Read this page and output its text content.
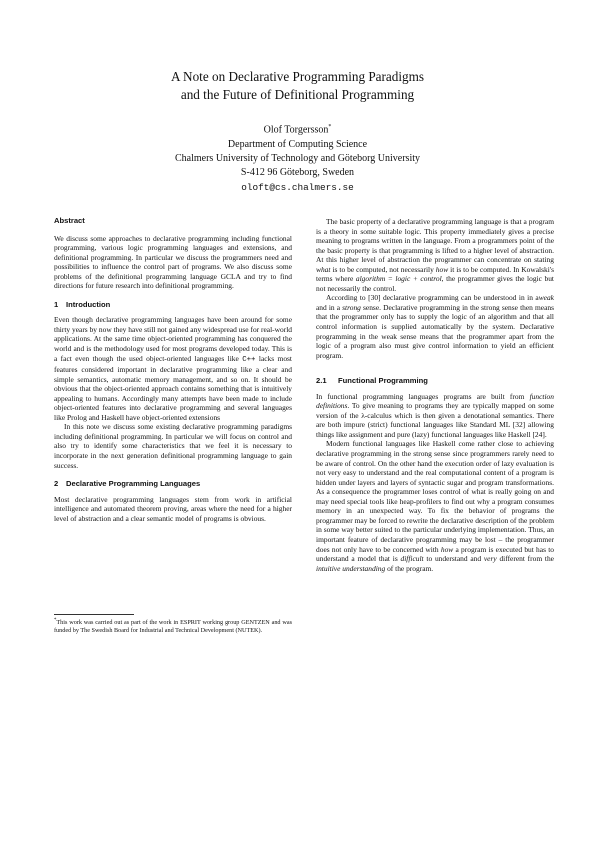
A Note on Declarative Programming Paradigms
and the Future of Definitional Programming
Olof Torgersson*
Department of Computing Science
Chalmers University of Technology and Göteborg University
S-412 96 Göteborg, Sweden
oloft@cs.chalmers.se
Abstract

We discuss some approaches to declarative programming including functional programming, various logic programming languages and extensions, and definitional programming. In particular we discuss the programmers need and possibilities to influence the control part of programs. We also discuss some problems of the definitional programming language GCLA and try to find directions for future research into definitional programming.

1 Introduction

Even though declarative programming languages have been around for some thirty years by now they have still not gained any widespread use for real-world applications. At the same time object-oriented programming has conquered the world and is the methodology used for most programs developed today. This is a fact even though the used object-oriented languages like C++ lacks most features considered important in declarative programming like a clear and simple semantics, automatic memory management, and so on. It should be obvious that the object-oriented approach contains something that is intuitively appealing to humans. Accordingly many attempts have been made to include object-oriented features into declarative programming and several languages like Prolog and Haskell have object-oriented extensions

In this note we discuss some existing declarative programming paradigms including definitional programming. In particular we will focus on control and also try to identify some characteristics that we feel it is necessary to incorporate in the next generation definitional programming language to gain success.

2 Declarative Programming Languages

Most declarative programming languages stem from work in artificial intelligence and automated theorem proving, areas where the need for a higher level of abstraction and a clear semantic model of programs is obvious.

*This work was carried out as part of the work in ESPRIT working group GENTZEN and was funded by The Swedish Board for Industrial and Technical Development (NUTEK).

The basic property of a declarative programming language is that a program is a theory in some suitable logic. This property immediately gives a precise meaning to programs written in the language. From a programmers point of the the basic property is that programming is lifted to a higher level of abstraction. At this higher level of abstraction the programmer can concentrate on stating what is to be computed, not necessarily how it is to be computed. In Kowalski's terms where algorithm = logic + control, the programmer gives the logic but not necessarily the control.

According to [30] declarative programming can be understood in in aweak and in a strong sense. Declarative programming in the strong sense then means that the programmer only has to supply the logic of an algorithm and that all control information is supplied automatically by the system. Declarative programming in the weak sense means that the programmer apart from the logic of a program also must give control information to yield an efficient program.

2.1 Functional Programming

In functional programming languages programs are built from function definitions. To give meaning to programs they are typically mapped on some version of the λ-calculus which is then given a denotational semantics. There are both impure (strict) functional languages like Standard ML [32] allowing things like assignment and pure (lazy) functional languages like Haskell [24].

Modern functional languages like Haskell come rather close to achieving declarative programming in the strong sense since programmers rarely need to be aware of control. On the other hand the execution order of lazy evaluation is not very easy to understand and the real computational content of a program is hidden under layers and layers of syntactic sugar and program transformations. As a consequence the programmer loses control of what is really going on and may need special tools like heap-profilers to find out why a program consumes memory in an unexpected way. To fix the behavior of programs the programmer may be forced to rewrite the declarative description of the problem in some way better suited to the particular underlying implementation. Thus, an important feature of declarative programming may be lost – the programmer does not only have to be concerned with how a program is executed but has to understand a model that is difficult to understand and very different from the intuitive understanding of the program.
